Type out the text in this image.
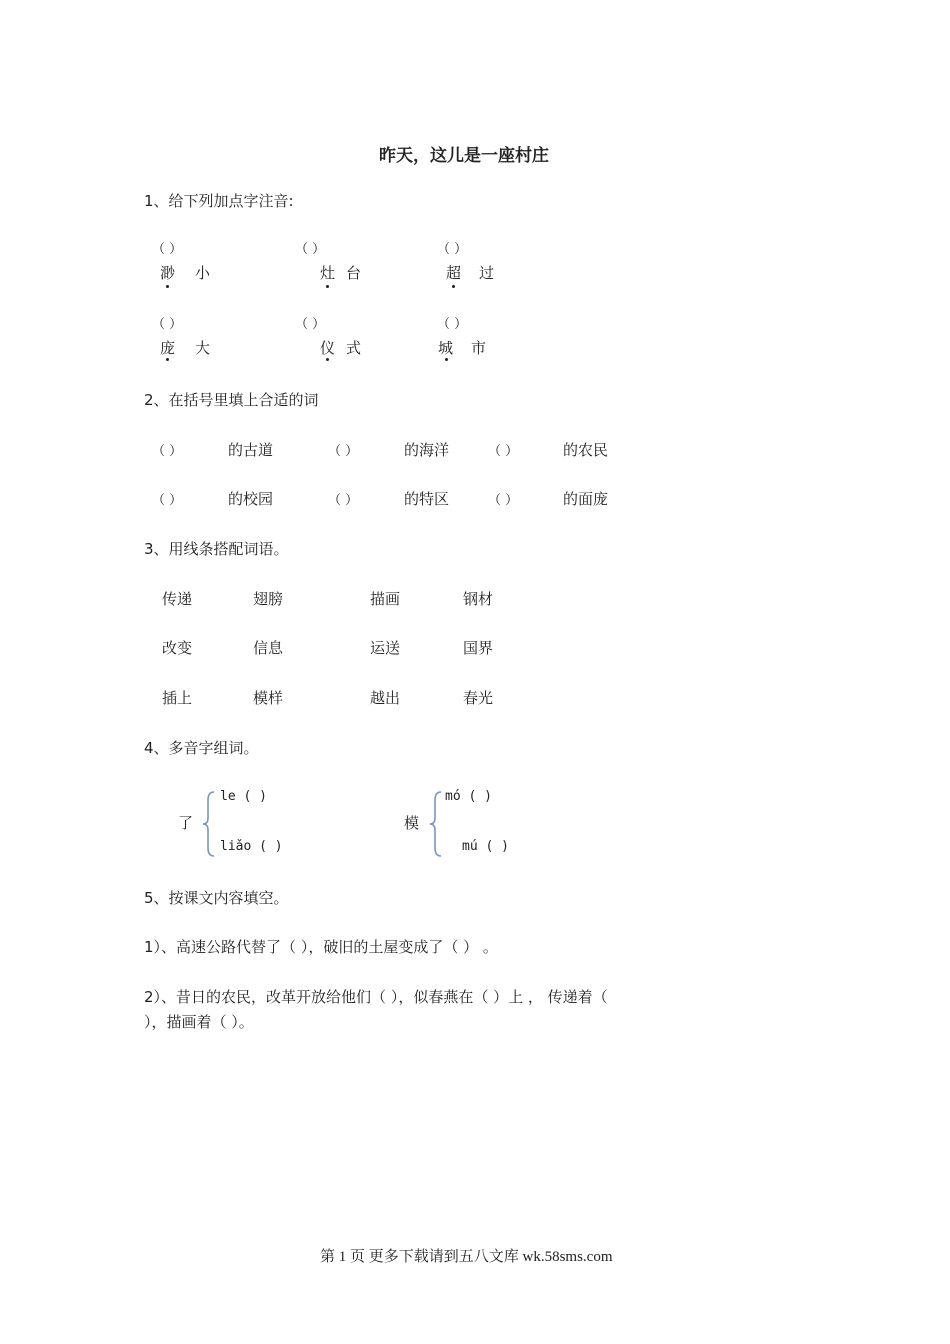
昨天，这儿是一座村庄
1、给下列加点字注音:
（ ）	（ ）	（ ）
渺 小	灶 台	超 过
（ ）	（ ）	（ ）
庞 大	仪 式	城 市
2、在括号里填上合适的词
（ ）	的古道	（ ）	的海洋	（ ）	的农民
（ ）	的校园	（ ）	的特区	（ ）	的面庞
3、用线条搭配词语。
传递	翅膀	描画	钢材
改变	信息	运送	国界
插上	模样	越出	春光
4、多音字组词。
了
le ( )
liǎo ( )
模
mó ( )
mú ( )
5、按课文内容填空。
1）、高速公路代替了（ ），破旧的土屋变成了（ ） 。
2）、昔日的农民，改革开放给他们（ ），似春燕在（ ）上 ， 传递着（
），描画着（ ）。
第 1 页 更多下载请到五八文库 wk.58sms.com
